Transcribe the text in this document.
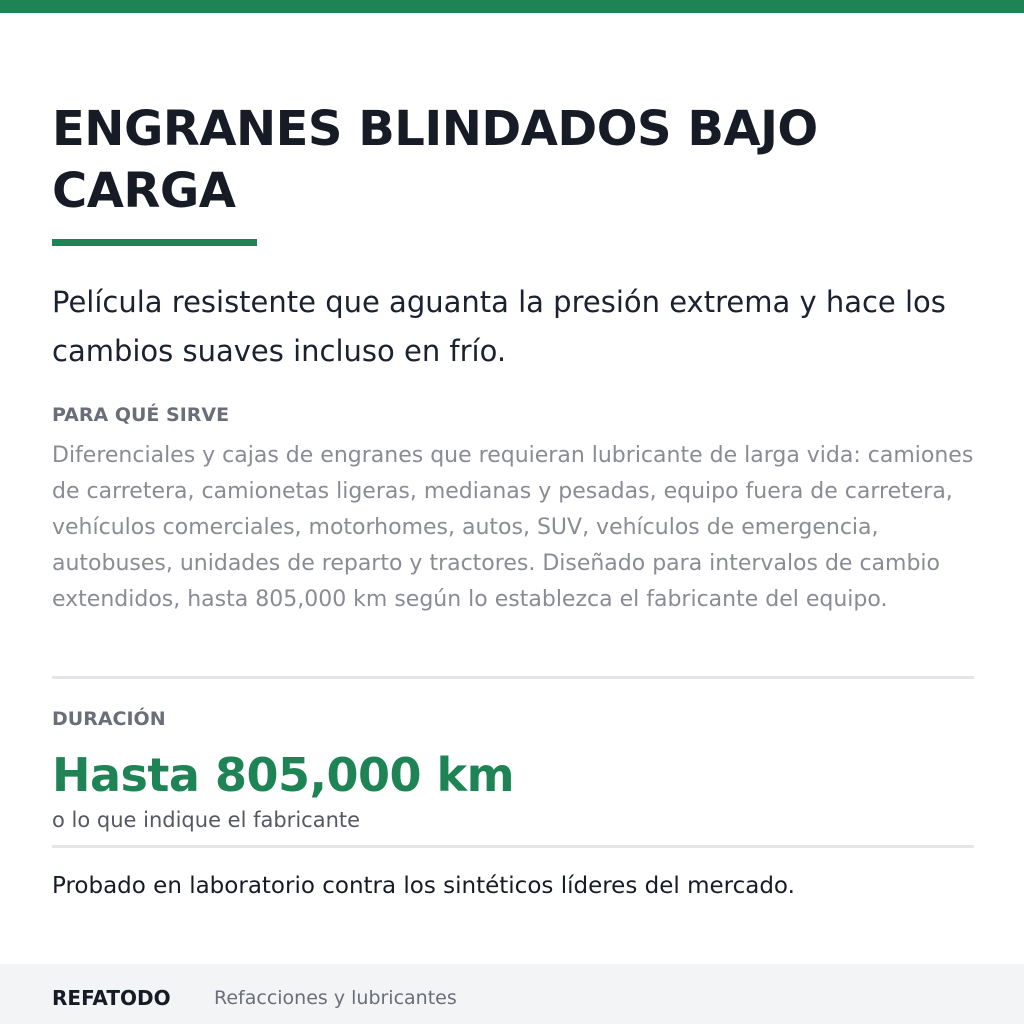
ENGRANES BLINDADOS BAJO CARGA

Película resistente que aguanta la presión extrema y hace los cambios suaves incluso en frío.

PARA QUÉ SIRVE

Diferenciales y cajas de engranes que requieran lubricante de larga vida: camiones de carretera, camionetas ligeras, medianas y pesadas, equipo fuera de carretera, vehículos comerciales, motorhomes, autos, SUV, vehículos de emergencia, autobuses, unidades de reparto y tractores. Diseñado para intervalos de cambio extendidos, hasta 805,000 km según lo establezca el fabricante del equipo.

DURACIÓN

Hasta 805,000 km

o lo que indique el fabricante

Probado en laboratorio contra los sintéticos líderes del mercado.

REFATODO Refacciones y lubricantes
